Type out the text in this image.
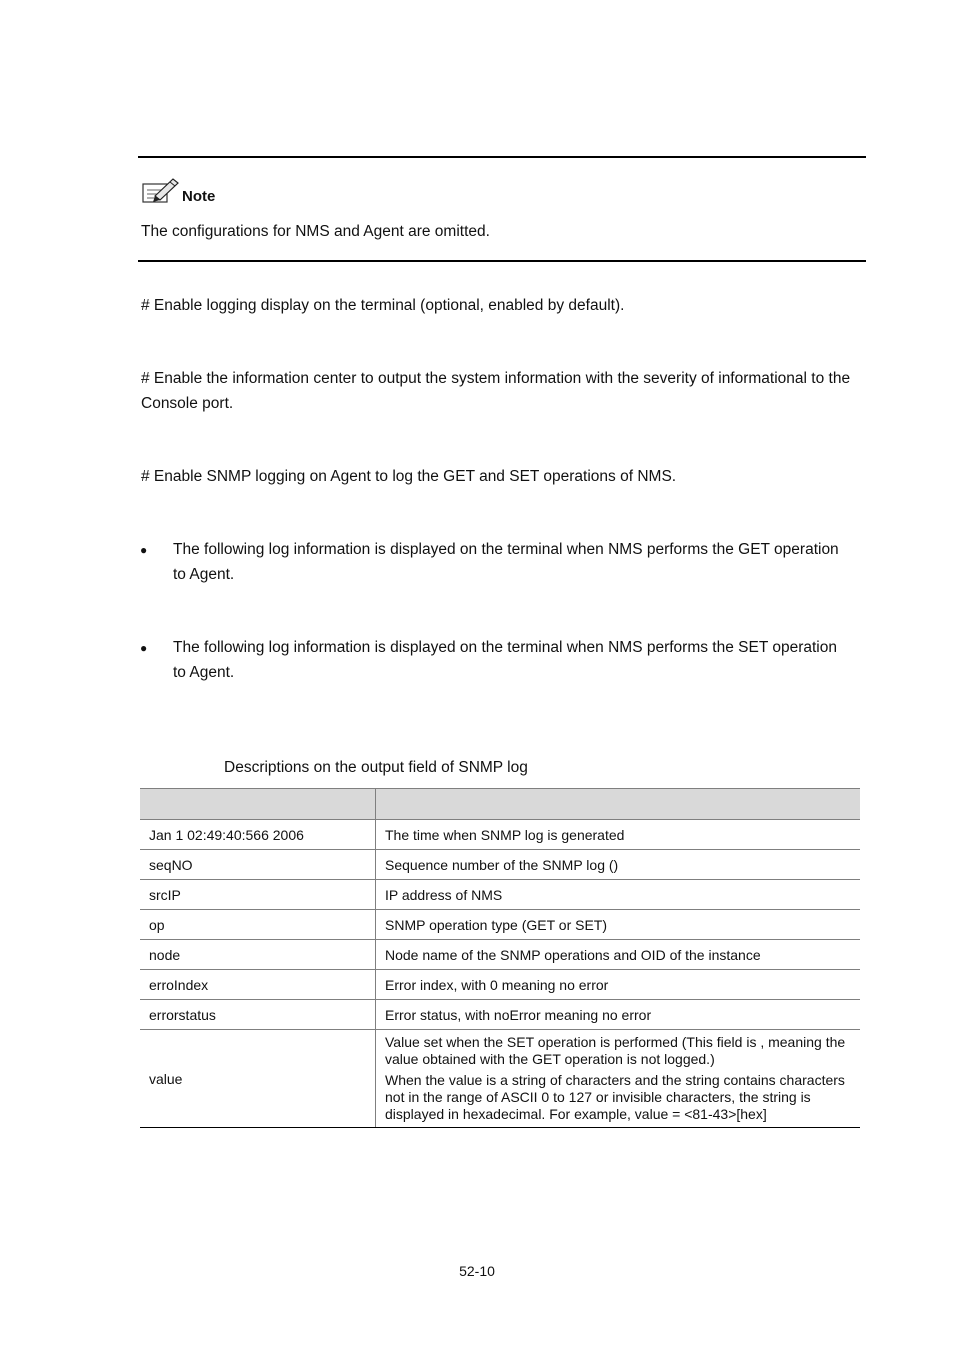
Note
The configurations for NMS and Agent are omitted.
# Enable logging display on the terminal (optional, enabled by default).
# Enable the information center to output the system information with the severity of informational to the
Console port.
# Enable SNMP logging on Agent to log the GET and SET operations of NMS.
● The following log information is displayed on the terminal when NMS performs the GET operation
to Agent.
● The following log information is displayed on the terminal when NMS performs the SET operation
to Agent.
Descriptions on the output field of SNMP log

Jan 1 02:49:40:566 2006	The time when SNMP log is generated
seqNO	Sequence number of the SNMP log ()
srcIP	IP address of NMS
op	SNMP operation type (GET or SET)
node	Node name of the SNMP operations and OID of the instance
erroIndex	Error index, with 0 meaning no error
errorstatus	Error status, with noError meaning no error
value	Value set when the SET operation is performed (This field is , meaning the value obtained with the GET operation is not logged.)
When the value is a string of characters and the string contains characters not in the range of ASCII 0 to 127 or invisible characters, the string is displayed in hexadecimal. For example, value = <81-43>[hex]
52-10
